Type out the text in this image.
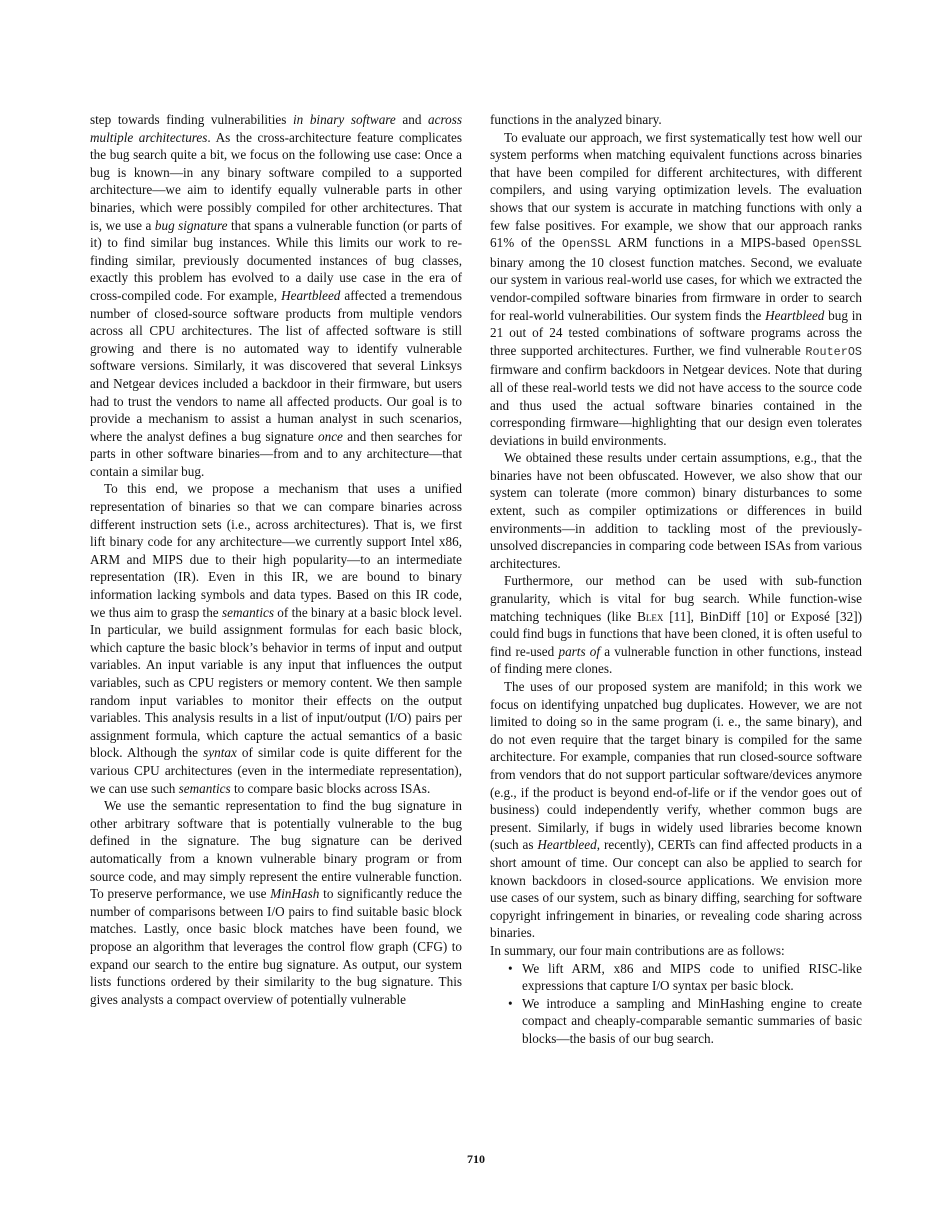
step towards finding vulnerabilities in binary software and across multiple architectures. As the cross-architecture feature complicates the bug search quite a bit, we focus on the following use case: Once a bug is known—in any binary software compiled to a supported architecture—we aim to identify equally vulnerable parts in other binaries, which were possibly compiled for other architectures. That is, we use a bug signature that spans a vulnerable function (or parts of it) to find similar bug instances. While this limits our work to re-finding similar, previously documented instances of bug classes, exactly this problem has evolved to a daily use case in the era of cross-compiled code. For example, Heartbleed affected a tremendous number of closed-source software products from multiple vendors across all CPU architectures. The list of affected software is still growing and there is no automated way to identify vulnerable software versions. Similarly, it was discovered that several Linksys and Netgear devices included a backdoor in their firmware, but users had to trust the vendors to name all affected products. Our goal is to provide a mechanism to assist a human analyst in such scenarios, where the analyst defines a bug signature once and then searches for parts in other software binaries—from and to any architecture—that contain a similar bug.

To this end, we propose a mechanism that uses a unified representation of binaries so that we can compare binaries across different instruction sets (i.e., across architectures). That is, we first lift binary code for any architecture—we currently support Intel x86, ARM and MIPS due to their high popularity—to an intermediate representation (IR). Even in this IR, we are bound to binary information lacking symbols and data types. Based on this IR code, we thus aim to grasp the semantics of the binary at a basic block level. In particular, we build assignment formulas for each basic block, which capture the basic block’s behavior in terms of input and output variables. An input variable is any input that influences the output variables, such as CPU registers or memory content. We then sample random input variables to monitor their effects on the output variables. This analysis results in a list of input/output (I/O) pairs per assignment formula, which capture the actual semantics of a basic block. Although the syntax of similar code is quite different for the various CPU architectures (even in the intermediate representation), we can use such semantics to compare basic blocks across ISAs.

We use the semantic representation to find the bug signature in other arbitrary software that is potentially vulnerable to the bug defined in the signature. The bug signature can be derived automatically from a known vulnerable binary program or from source code, and may simply represent the entire vulnerable function. To preserve performance, we use MinHash to significantly reduce the number of comparisons between I/O pairs to find suitable basic block matches. Lastly, once basic block matches have been found, we propose an algorithm that leverages the control flow graph (CFG) to expand our search to the entire bug signature. As output, our system lists functions ordered by their similarity to the bug signature. This gives analysts a compact overview of potentially vulnerable

functions in the analyzed binary.

To evaluate our approach, we first systematically test how well our system performs when matching equivalent functions across binaries that have been compiled for different architectures, with different compilers, and using varying optimization levels. The evaluation shows that our system is accurate in matching functions with only a few false positives. For example, we show that our approach ranks 61% of the OpenSSL ARM functions in a MIPS-based OpenSSL binary among the 10 closest function matches. Second, we evaluate our system in various real-world use cases, for which we extracted the vendor-compiled software binaries from firmware in order to search for real-world vulnerabilities. Our system finds the Heartbleed bug in 21 out of 24 tested combinations of software programs across the three supported architectures. Further, we find vulnerable RouterOS firmware and confirm backdoors in Netgear devices. Note that during all of these real-world tests we did not have access to the source code and thus used the actual software binaries contained in the corresponding firmware—highlighting that our design even tolerates deviations in build environments.

We obtained these results under certain assumptions, e.g., that the binaries have not been obfuscated. However, we also show that our system can tolerate (more common) binary disturbances to some extent, such as compiler optimizations or differences in build environments—in addition to tackling most of the previously-unsolved discrepancies in comparing code between ISAs from various architectures.

Furthermore, our method can be used with sub-function granularity, which is vital for bug search. While function-wise matching techniques (like Blex [11], BinDiff [10] or Exposé [32]) could find bugs in functions that have been cloned, it is often useful to find re-used parts of a vulnerable function in other functions, instead of finding mere clones.

The uses of our proposed system are manifold; in this work we focus on identifying unpatched bug duplicates. However, we are not limited to doing so in the same program (i. e., the same binary), and do not even require that the target binary is compiled for the same architecture. For example, companies that run closed-source software from vendors that do not support particular software/devices anymore (e.g., if the product is beyond end-of-life or if the vendor goes out of business) could independently verify, whether common bugs are present. Similarly, if bugs in widely used libraries become known (such as Heartbleed, recently), CERTs can find affected products in a short amount of time. Our concept can also be applied to search for known backdoors in closed-source applications. We envision more use cases of our system, such as binary diffing, searching for software copyright infringement in binaries, or revealing code sharing across binaries.

In summary, our four main contributions are as follows:

• We lift ARM, x86 and MIPS code to unified RISC-like expressions that capture I/O syntax per basic block.
• We introduce a sampling and MinHashing engine to create compact and cheaply-comparable semantic summaries of basic blocks—the basis of our bug search.
710
